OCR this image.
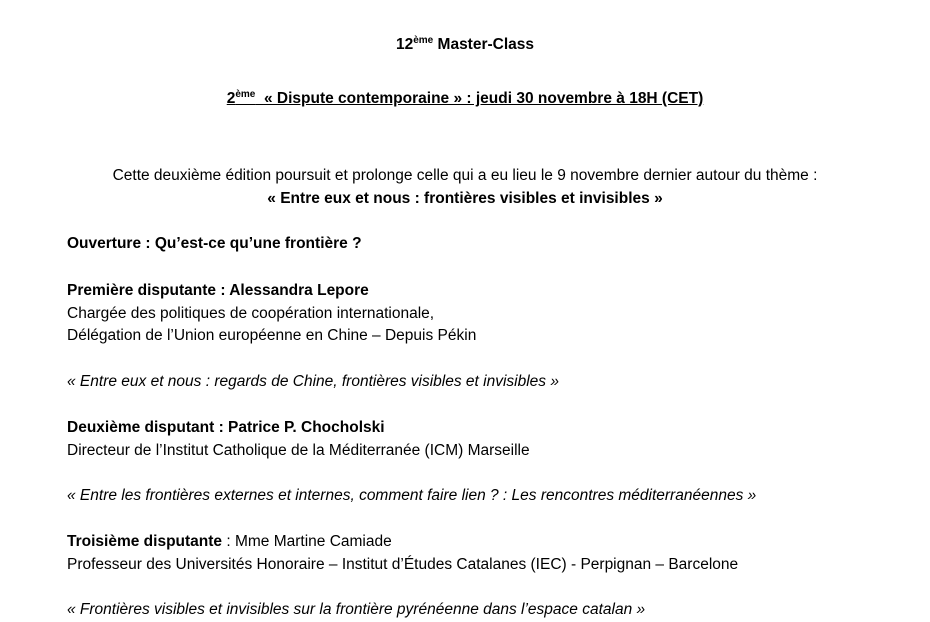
12ème Master-Class
2ème « Dispute contemporaine » : jeudi 30 novembre à 18H (CET)
Cette deuxième édition poursuit et prolonge celle qui a eu lieu le 9 novembre dernier autour du thème :
« Entre eux et nous : frontières visibles et invisibles »
Ouverture : Qu’est-ce qu’une frontière ?
Première disputante : Alessandra Lepore
Chargée des politiques de coopération internationale,
Délégation de l’Union européenne en Chine – Depuis Pékin
« Entre eux et nous : regards de Chine, frontières visibles et invisibles »
Deuxième disputant : Patrice P. Chocholski
Directeur de l’Institut Catholique de la Méditerranée (ICM) Marseille
« Entre les frontières externes et internes, comment faire lien ? : Les rencontres méditerranéennes »
Troisième disputante : Mme Martine Camiade
Professeur des Universités Honoraire – Institut d’Études Catalanes (IEC) - Perpignan – Barcelone
« Frontières visibles et invisibles sur la frontière pyrénéenne dans l’espace catalan »
